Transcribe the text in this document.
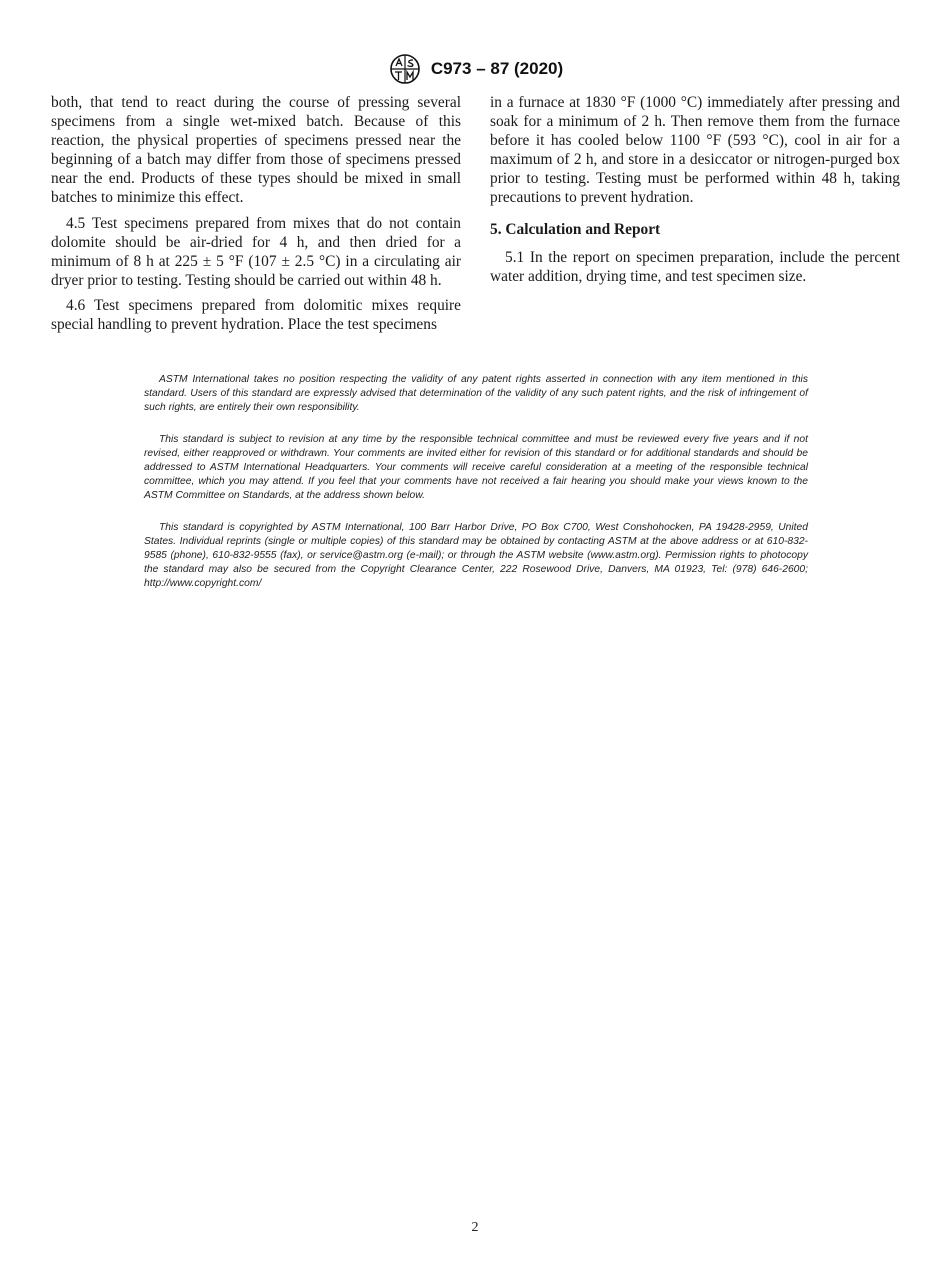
C973 – 87 (2020)

both, that tend to react during the course of pressing several specimens from a single wet-mixed batch. Because of this reaction, the physical properties of specimens pressed near the beginning of a batch may differ from those of specimens pressed near the end. Products of these types should be mixed in small batches to minimize this effect.

4.5 Test specimens prepared from mixes that do not contain dolomite should be air-dried for 4 h, and then dried for a minimum of 8 h at 225 ± 5 °F (107 ± 2.5 °C) in a circulating air dryer prior to testing. Testing should be carried out within 48 h.

4.6 Test specimens prepared from dolomitic mixes require special handling to prevent hydration. Place the test specimens

in a furnace at 1830 °F (1000 °C) immediately after pressing and soak for a minimum of 2 h. Then remove them from the furnace before it has cooled below 1100 °F (593 °C), cool in air for a maximum of 2 h, and store in a desiccator or nitrogen-purged box prior to testing. Testing must be performed within 48 h, taking precautions to prevent hydration.

5. Calculation and Report

5.1 In the report on specimen preparation, include the percent water addition, drying time, and test specimen size.

ASTM International takes no position respecting the validity of any patent rights asserted in connection with any item mentioned in this standard. Users of this standard are expressly advised that determination of the validity of any such patent rights, and the risk of infringement of such rights, are entirely their own responsibility.

This standard is subject to revision at any time by the responsible technical committee and must be reviewed every five years and if not revised, either reapproved or withdrawn. Your comments are invited either for revision of this standard or for additional standards and should be addressed to ASTM International Headquarters. Your comments will receive careful consideration at a meeting of the responsible technical committee, which you may attend. If you feel that your comments have not received a fair hearing you should make your views known to the ASTM Committee on Standards, at the address shown below.

This standard is copyrighted by ASTM International, 100 Barr Harbor Drive, PO Box C700, West Conshohocken, PA 19428-2959, United States. Individual reprints (single or multiple copies) of this standard may be obtained by contacting ASTM at the above address or at 610-832-9585 (phone), 610-832-9555 (fax), or service@astm.org (e-mail); or through the ASTM website (www.astm.org). Permission rights to photocopy the standard may also be secured from the Copyright Clearance Center, 222 Rosewood Drive, Danvers, MA 01923, Tel: (978) 646-2600; http://www.copyright.com/

2
